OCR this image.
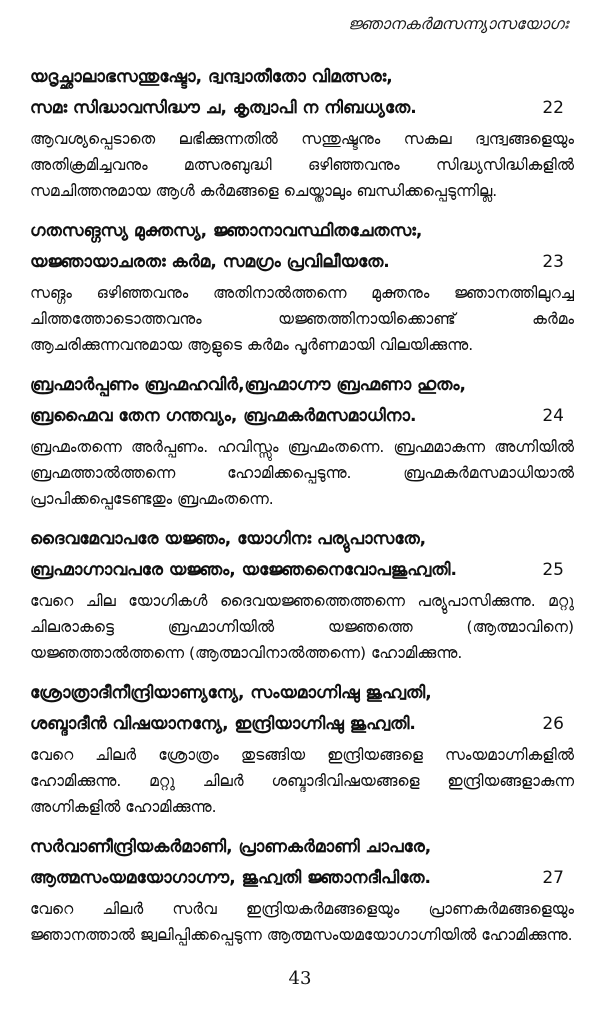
ജ്ഞാനകർമസന്ന്യാസയോഗഃ
യദൃച്ഛാലാഭസന്തുഷ്ടോ, ദ്വന്ദ്വാതീതോ വിമത്സരഃ,
സമഃ സിദ്ധാവസിദ്ധൗ ച, കൃത്വാപി ന നിബധ്യതേ.	22
ആവശ്യപ്പെടാതെ ലഭിക്കുന്നതിൽ സന്തുഷ്ടനും സകല ദ്വന്ദ്വങ്ങളെയും അതിക്രമിച്ചവനും മത്സരബുദ്ധി ഒഴിഞ്ഞവനും സിദ്ധ്യസിദ്ധികളിൽ സമചിത്തനുമായ ആൾ കർമങ്ങളെ ചെയ്താലും ബന്ധിക്കപ്പെടുന്നില്ല.
ഗതസങ്ഗസ്യ മുക്തസ്യ, ജ്ഞാനാവസ്ഥിതചേതസഃ,
യജ്ഞായാചരതഃ കർമ, സമഗ്രം പ്രവിലീയതേ.	23
സങ്ഗം ഒഴിഞ്ഞവനും അതിനാൽത്തന്നെ മുക്തനും ജ്ഞാനത്തിലുറച്ച ചിത്തത്തോടൊത്തവനും യജ്ഞത്തിനായിക്കൊണ്ട് കർമം ആചരിക്കുന്നവനുമായ ആളുടെ കർമം പൂർണമായി വിലയിക്കുന്നു.
ബ്രഹ്മാർപ്പണം ബ്രഹ്മഹവിർ,ബ്രഹ്മാഗ്നൗ ബ്രഹ്മണാ ഹുതം,
ബ്രഹ്മൈവ തേന ഗന്തവ്യം, ബ്രഹ്മകർമസമാധിനാ.	24
ബ്രഹ്മംതന്നെ അർപ്പണം. ഹവിസ്സും ബ്രഹ്മംതന്നെ. ബ്രഹ്മമാകുന്ന അഗ്നിയിൽ ബ്രഹ്മത്താൽത്തന്നെ ഹോമിക്കപ്പെടുന്നു. ബ്രഹ്മകർമസമാധിയാൽ പ്രാപിക്കപ്പെടേണ്ടതും ബ്രഹ്മംതന്നെ.
ദൈവമേവാപരേ യജ്ഞം, യോഗിനഃ പര്യുപാസതേ,
ബ്രഹ്മാഗ്നാവപരേ യജ്ഞം, യജ്ഞേനൈവോപജുഹ്വതി.	25
വേറെ ചില യോഗികൾ ദൈവയജ്ഞത്തെത്തന്നെ പര്യുപാസിക്കുന്നു. മറ്റു ചിലരാകട്ടെ ബ്രഹ്മാഗ്നിയിൽ യജ്ഞത്തെ (ആത്മാവിനെ) യജ്ഞത്താൽത്തന്നെ (ആത്മാവിനാൽത്തന്നെ) ഹോമിക്കുന്നു.
ശ്രോത്രാദീനീന്ദ്രിയാണ്യന്യേ, സംയമാഗ്നിഷു ജുഹ്വതി,
ശബ്ദാദീൻ വിഷയാനന്യേ, ഇന്ദ്രിയാഗ്നിഷു ജുഹ്വതി.	26
വേറെ ചിലർ ശ്രോത്രം തുടങ്ങിയ ഇന്ദ്രിയങ്ങളെ സംയമാഗ്നികളിൽ ഹോമിക്കുന്നു. മറ്റു ചിലർ ശബ്ദാദിവിഷയങ്ങളെ ഇന്ദ്രിയങ്ങളാകുന്ന അഗ്നികളിൽ ഹോമിക്കുന്നു.
സർവാണീന്ദ്രിയകർമാണി, പ്രാണകർമാണി ചാപരേ,
ആത്മസംയമയോഗാഗ്നൗ, ജുഹ്വതി ജ്ഞാനദീപിതേ.	27
വേറെ ചിലർ സർവ ഇന്ദ്രിയകർമങ്ങളെയും പ്രാണകർമങ്ങളെയും ജ്ഞാനത്താൽ ജ്വലിപ്പിക്കപ്പെടുന്ന ആത്മസംയമയോഗാഗ്നിയിൽ ഹോമിക്കുന്നു.
43
